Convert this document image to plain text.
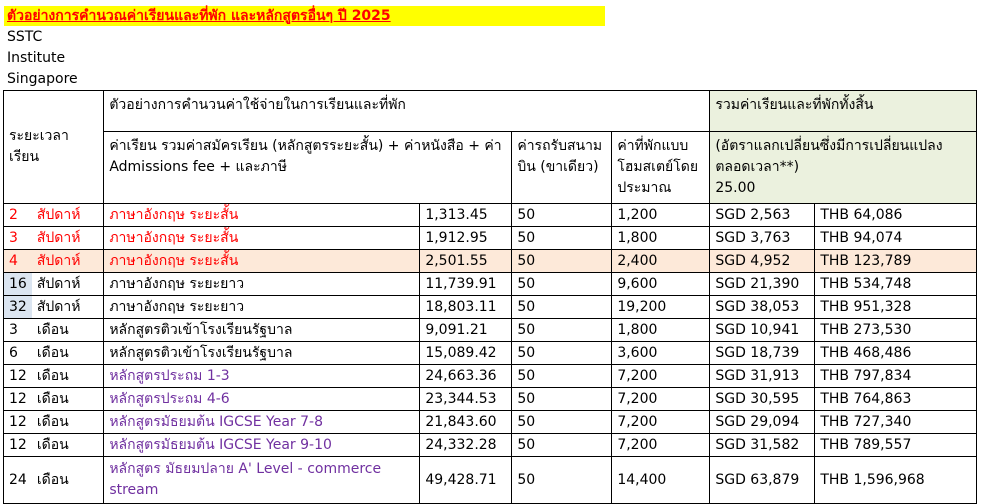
ตัวอย่างการคำนวณค่าเรียนและที่พัก และหลักสูตรอื่นๆ ปี 2025
SSTC
Institute
Singapore
ระยะเวลาเรียน		ตัวอย่างการคำนวนค่าใช้จ่ายในการเรียนและที่พัก				รวมค่าเรียนและที่พักทั้งสิ้น	
		ค่าเรียน รวมค่าสมัครเรียน (หลักสูตรระยะสั้น) + ค่าหนังสือ + ค่า Admissions fee + และภาษี		ค่ารถรับสนามบิน (ขาเดียว)	ค่าที่พักแบบโฮมสเตย์โดยประมาณ	(อัตราแลกเปลี่ยนซึ่งมีการเปลี่ยนแปลงตลอดเวลา**)
25.00	

2	สัปดาห์	ภาษาอังกฤษ ระยะสั้น	1,313.45	50	1,200	SGD 2,563	THB 64,086
3	สัปดาห์	ภาษาอังกฤษ ระยะสั้น	1,912.95	50	1,800	SGD 3,763	THB 94,074
4	สัปดาห์	ภาษาอังกฤษ ระยะสั้น	2,501.55	50	2,400	SGD 4,952	THB 123,789
16	สัปดาห์	ภาษาอังกฤษ ระยะยาว	11,739.91	50	9,600	SGD 21,390	THB 534,748
32	สัปดาห์	ภาษาอังกฤษ ระยะยาว	18,803.11	50	19,200	SGD 38,053	THB 951,328
3	เดือน	หลักสูตรติวเข้าโรงเรียนรัฐบาล	9,091.21	50	1,800	SGD 10,941	THB 273,530
6	เดือน	หลักสูตรติวเข้าโรงเรียนรัฐบาล	15,089.42	50	3,600	SGD 18,739	THB 468,486
12	เดือน	หลักสูตรประถม 1-3	24,663.36	50	7,200	SGD 31,913	THB 797,834
12	เดือน	หลักสูตรประถม 4-6	23,344.53	50	7,200	SGD 30,595	THB 764,863
12	เดือน	หลักสูตรมัธยมต้น IGCSE Year 7-8	21,843.60	50	7,200	SGD 29,094	THB 727,340
12	เดือน	หลักสูตรมัธยมต้น IGCSE Year 9-10	24,332.28	50	7,200	SGD 31,582	THB 789,557
24	เดือน	หลักสูตร มัธยมปลาย A' Level - commerce stream	49,428.71	50	14,400	SGD 63,879	THB 1,596,968
